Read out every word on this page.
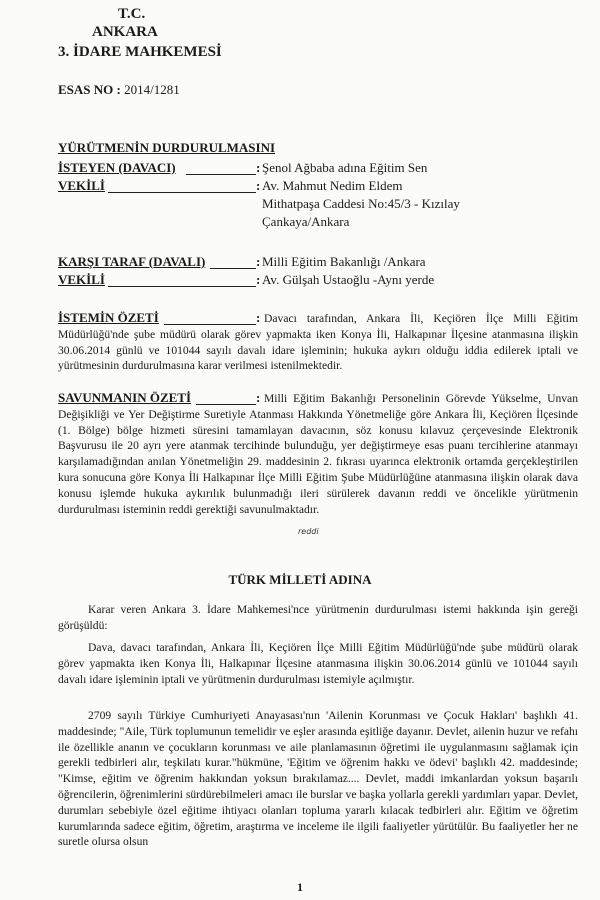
T.C.
ANKARA
3. İDARE MAHKEMESİ
ESAS NO : 2014/1281
YÜRÜTMENİN DURDURULMASINI
İSTEYEN (DAVACI)	: Şenol Ağbaba adına Eğitim Sen
VEKİLİ	: Av. Mahmut Nedim Eldem
Mithatpaşa Caddesi No:45/3 - Kızılay
Çankaya/Ankara
KARŞI TARAF (DAVALI)	: Milli Eğitim Bakanlığı /Ankara
VEKİLİ	: Av. Gülşah Ustaoğlu -Aynı yerde
İSTEMİN ÖZETİ	: Davacı tarafından, Ankara İli, Keçiören İlçe Milli Eğitim Müdürlüğü'nde şube müdürü olarak görev yapmakta iken Konya İli, Halkapınar İlçesine atanmasına ilişkin 30.06.2014 günlü ve 101044 sayılı davalı idare işleminin; hukuka aykırı olduğu iddia edilerek iptali ve yürütmesinin durdurulmasına karar verilmesi istenilmektedir.
SAVUNMANIN ÖZETİ	: Milli Eğitim Bakanlığı Personelinin Görevde Yükselme, Unvan Değişikliği ve Yer Değiştirme Suretiyle Atanması Hakkında Yönetmeliğe göre Ankara İli, Keçiören İlçesinde (1. Bölge) bölge hizmeti süresini tamamlayan davacının, söz konusu kılavuz çerçevesinde Elektronik Başvurusu ile 20 ayrı yere atanmak tercihinde bulunduğu, yer değiştirmeye esas puanı tercihlerine atanmayı karşılamadığından anılan Yönetmeliğin 29. maddesinin 2. fıkrası uyarınca elektronik ortamda gerçekleştirilen kura sonucuna göre Konya İli Halkapınar İlçe Milli Eğitim Şube Müdürlüğüne atanmasına ilişkin olarak dava konusu işlemde hukuka aykırılık bulunmadığı ileri sürülerek davanın reddi ve öncelikle yürütmenin durdurulması isteminin reddi gerektiği savunulmaktadır.
reddi
TÜRK MİLLETİ ADINA
Karar veren Ankara 3. İdare Mahkemesi'nce yürütmenin durdurulması istemi hakkında işin gereği görüşüldü:
Dava, davacı tarafından, Ankara İli, Keçiören İlçe Milli Eğitim Müdürlüğü'nde şube müdürü olarak görev yapmakta iken Konya İli, Halkapınar İlçesine atanmasına ilişkin 30.06.2014 günlü ve 101044 sayılı davalı idare işleminin iptali ve yürütmenin durdurulması istemiyle açılmıştır.
2709 sayılı Türkiye Cumhuriyeti Anayasası'nın 'Ailenin Korunması ve Çocuk Hakları' başlıklı 41. maddesinde; "Aile, Türk toplumunun temelidir ve eşler arasında eşitliğe dayanır. Devlet, ailenin huzur ve refahı ile özellikle ananın ve çocukların korunması ve aile planlamasının öğretimi ile uygulanmasını sağlamak için gerekli tedbirleri alır, teşkilatı kurar."hükmüne, 'Eğitim ve öğrenim hakkı ve ödevi' başlıklı 42. maddesinde; "Kimse, eğitim ve öğrenim hakkından yoksun bırakılamaz.... Devlet, maddi imkanlardan yoksun başarılı öğrencilerin, öğrenimlerini sürdürebilmeleri amacı ile burslar ve başka yollarla gerekli yardımları yapar. Devlet, durumları sebebiyle özel eğitime ihtiyacı olanları topluma yararlı kılacak tedbirleri alır. Eğitim ve öğretim kurumlarında sadece eğitim, öğretim, araştırma ve inceleme ile ilgili faaliyetler yürütülür. Bu faaliyetler her ne suretle olursa olsun
1
